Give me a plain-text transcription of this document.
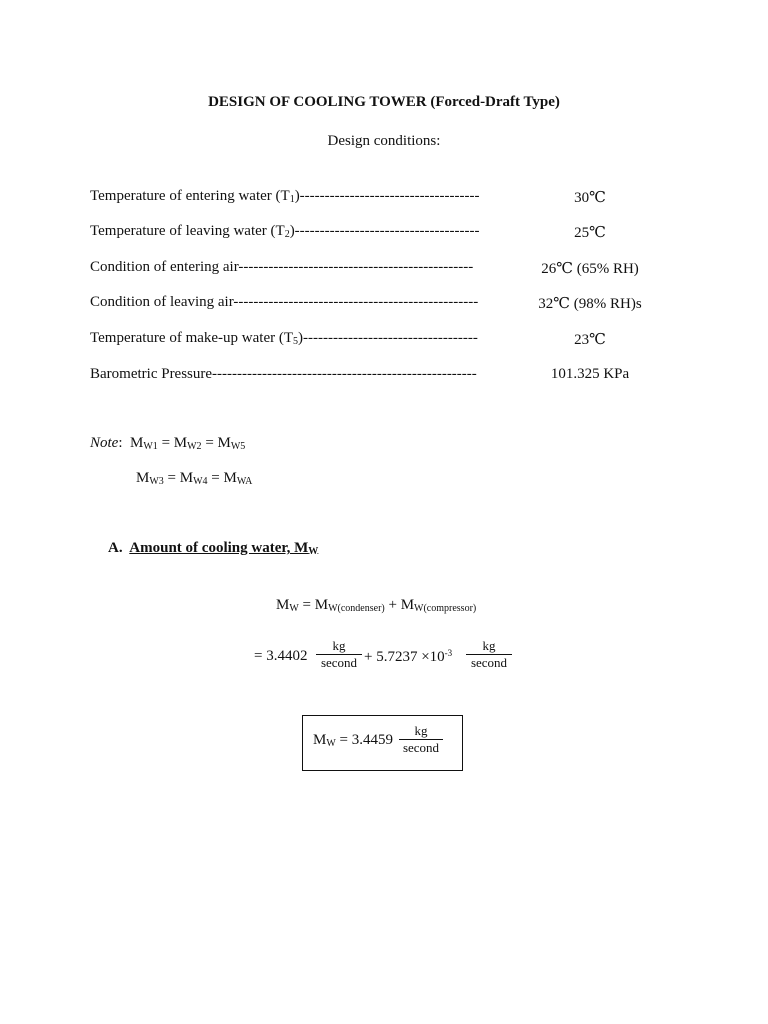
DESIGN OF COOLING TOWER (Forced-Draft Type)
Design conditions:
Temperature of entering water $(T_1)------------------------------------$	30℃
Temperature of leaving water $(T_2)-------------------------------------$	25℃
Condition of entering air-----------------------------------------------	26℃ (65% RH)
Condition of leaving air-------------------------------------------------	32℃ (98% RH)s
Temperature of make-up water $(T_5)-----------------------------------$	23℃
Barometric Pressure-----------------------------------------------------	101.325 KPa
Note: MW1 = MW2 = MW5
MW3 = MW4 = MWA
A. Amount of cooling water, MW
MW = MW(condenser) + MW(compressor)
= 3.4402
kg
second + $5.7237 \times 10^{-3}$	kg
second
MW = 3.4459
kg
second
